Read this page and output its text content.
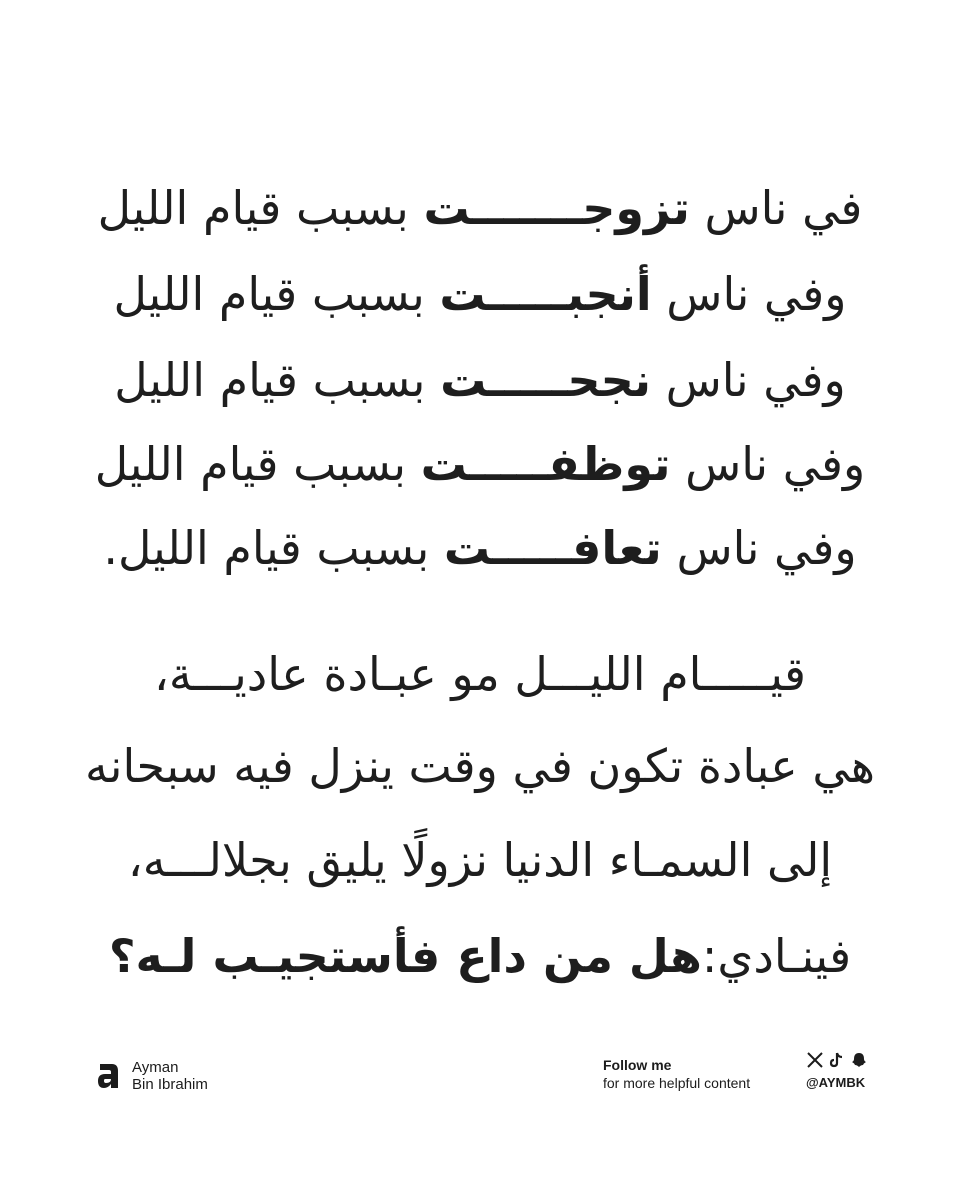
في ناس تزوجـــــــت بسبب قيام الليل
وفي ناس أنجبـــــت بسبب قيام الليل
وفي ناس نجحـــــت بسبب قيام الليل
وفي ناس توظفـــــت بسبب قيام الليل
وفي ناس تعافـــــت بسبب قيام الليل.
قيـــــام الليـــل مو عبـادة عاديـــة،
هي عبادة تكون في وقت ينزل فيه سبحانه
إلى السمـاء الدنيا نزولًا يليق بجلالـــه،
فينـادي:هل من داع فأستجيـب لـه؟
Ayman
Bin Ibrahim
Follow me
for more helpful content	@AYMBK
